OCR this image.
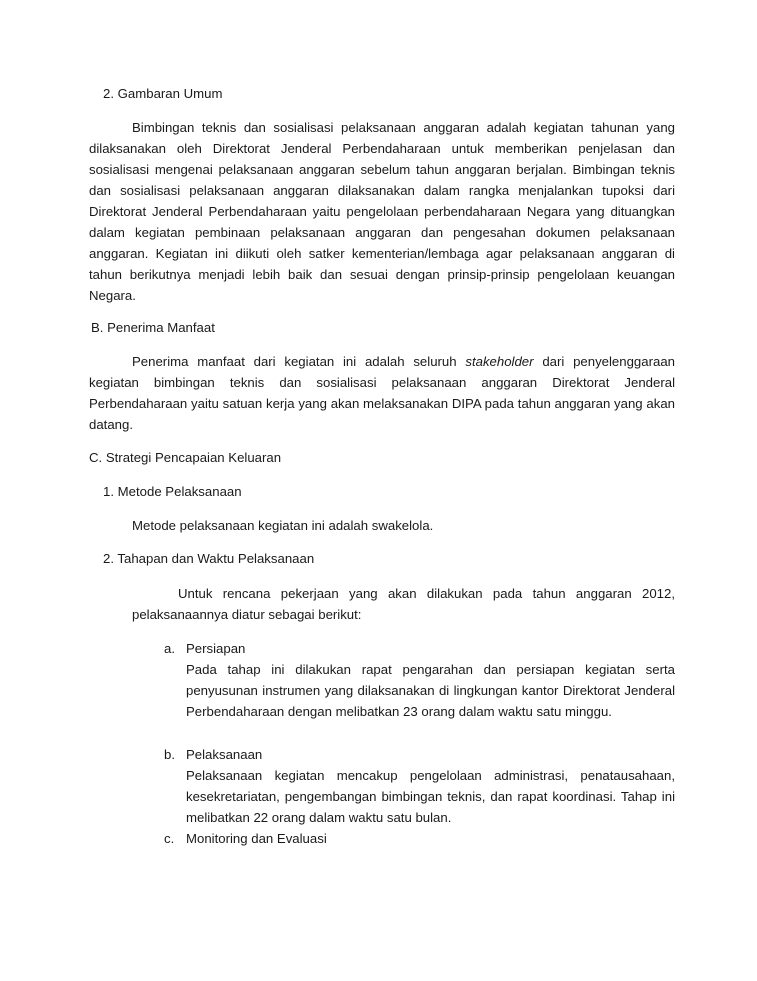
2. Gambaran Umum
Bimbingan teknis dan sosialisasi pelaksanaan anggaran adalah kegiatan tahunan yang dilaksanakan oleh Direktorat Jenderal Perbendaharaan untuk memberikan penjelasan dan sosialisasi mengenai pelaksanaan anggaran sebelum tahun anggaran berjalan. Bimbingan teknis dan sosialisasi pelaksanaan anggaran dilaksanakan dalam rangka menjalankan tupoksi dari Direktorat Jenderal Perbendaharaan yaitu pengelolaan perbendaharaan Negara yang dituangkan dalam kegiatan pembinaan pelaksanaan anggaran dan pengesahan dokumen pelaksanaan anggaran. Kegiatan ini diikuti oleh satker kementerian/lembaga agar pelaksanaan anggaran di tahun berikutnya menjadi lebih baik dan sesuai dengan prinsip-prinsip pengelolaan keuangan Negara.
B. Penerima Manfaat
Penerima manfaat dari kegiatan ini adalah seluruh stakeholder dari penyelenggaraan kegiatan bimbingan teknis dan sosialisasi pelaksanaan anggaran Direktorat Jenderal Perbendaharaan yaitu satuan kerja yang akan melaksanakan DIPA pada tahun anggaran yang akan datang.
C. Strategi Pencapaian Keluaran
1. Metode Pelaksanaan
Metode pelaksanaan kegiatan ini adalah swakelola.
2. Tahapan dan Waktu Pelaksanaan
Untuk rencana pekerjaan yang akan dilakukan pada tahun anggaran 2012, pelaksanaannya diatur sebagai berikut:
a. Persiapan
Pada tahap ini dilakukan rapat pengarahan dan persiapan kegiatan serta penyusunan instrumen yang dilaksanakan di lingkungan kantor Direktorat Jenderal Perbendaharaan dengan melibatkan 23 orang dalam waktu satu minggu.
b. Pelaksanaan
Pelaksanaan kegiatan mencakup pengelolaan administrasi, penatausahaan, kesekretariatan, pengembangan bimbingan teknis, dan rapat koordinasi. Tahap ini melibatkan 22 orang dalam waktu satu bulan.
c. Monitoring dan Evaluasi
